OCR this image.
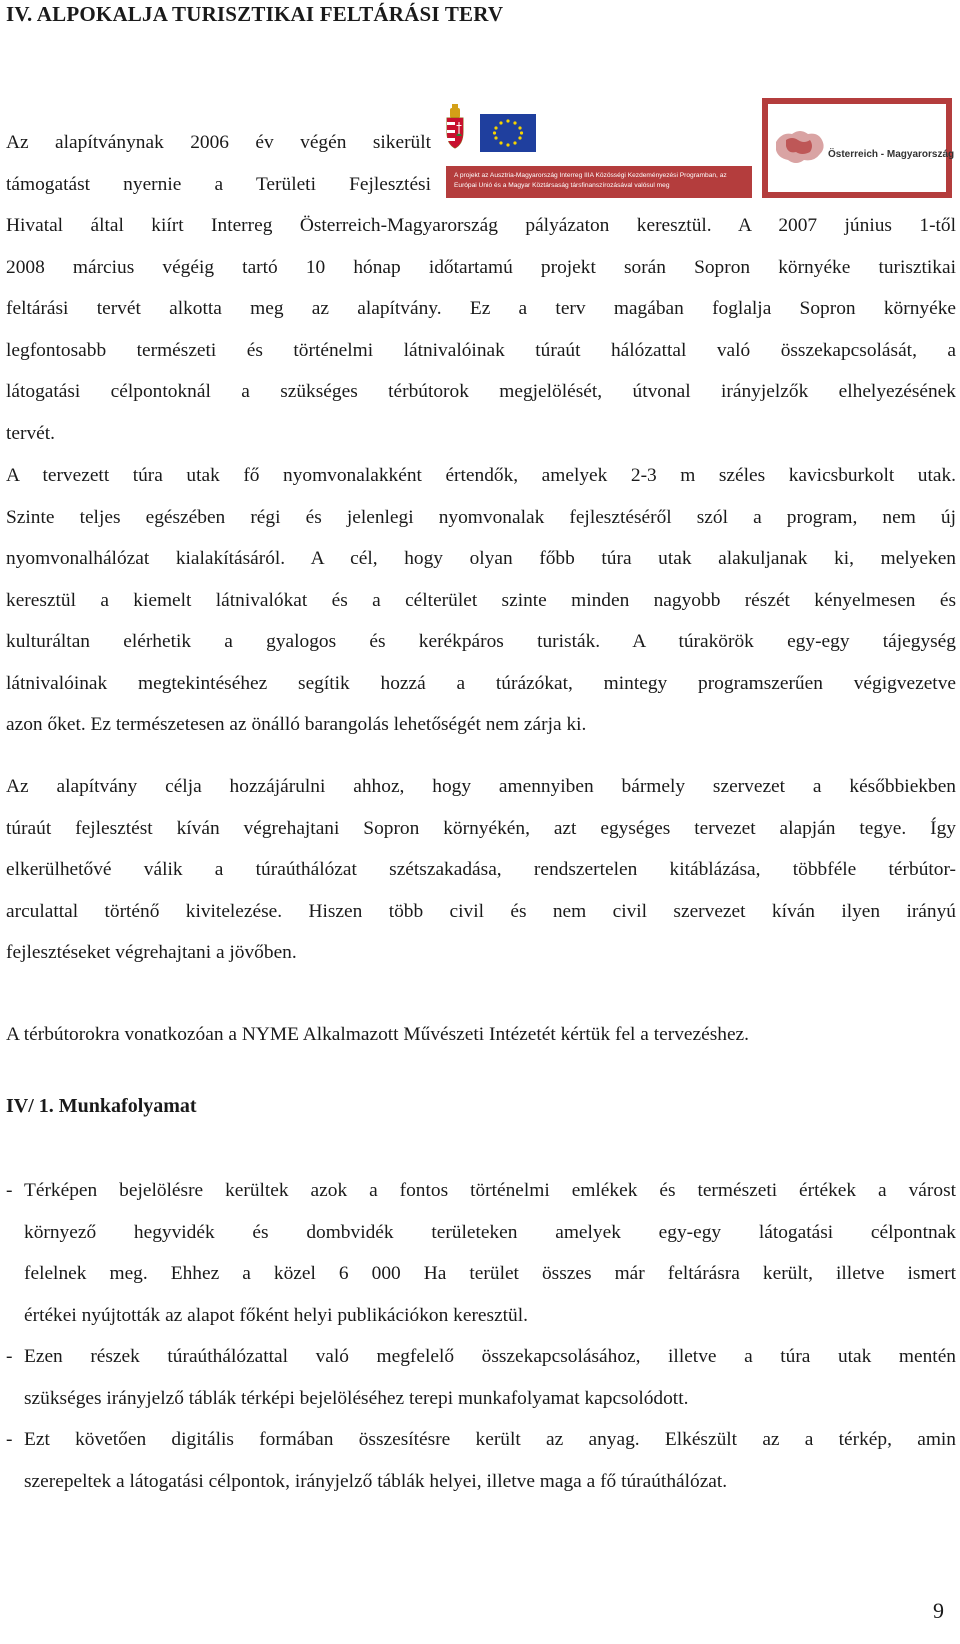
IV. ALPOKALJA TURISZTIKAI FELTÁRÁSI TERV
Az alapítványnak 2006 év végén sikerült
támogatást nyernie a Területi Fejlesztési	A projekt az Ausztria-Magyarország Interreg IIIA Közösségi Kezdeményezési Programban, az Európai Unió és a Magyar Köztársaság társfinanszírozásával valósul meg
Österreich - Magyarország
Hivatal által kiírt Interreg Österreich-Magyarország pályázaton keresztül. A 2007 június 1-től
2008 március végéig tartó 10 hónap időtartamú projekt során Sopron környéke turisztikai
feltárási tervét alkotta meg az alapítvány. Ez a terv magában foglalja Sopron környéke
legfontosabb természeti és történelmi látnivalóinak túraút hálózattal való összekapcsolását, a
látogatási célpontoknál a szükséges térbútorok megjelölését, útvonal irányjelzők elhelyezésének
tervét.
A tervezett túra utak fő nyomvonalakként értendők, amelyek 2-3 m széles kavicsburkolt utak.
Szinte teljes egészében régi és jelenlegi nyomvonalak fejlesztéséről szól a program, nem új
nyomvonalhálózat kialakításáról. A cél, hogy olyan főbb túra utak alakuljanak ki, melyeken
keresztül a kiemelt látnivalókat és a célterület szinte minden nagyobb részét kényelmesen és
kulturáltan elérhetik a gyalogos és kerékpáros turisták. A túrakörök egy-egy tájegység
látnivalóinak megtekintéséhez segítik hozzá a túrázókat, mintegy programszerűen végigvezetve
azon őket. Ez természetesen az önálló barangolás lehetőségét nem zárja ki.
Az alapítvány célja hozzájárulni ahhoz, hogy amennyiben bármely szervezet a későbbiekben
túraút fejlesztést kíván végrehajtani Sopron környékén, azt egységes tervezet alapján tegye. Így
elkerülhetővé válik a túraúthálózat szétszakadása, rendszertelen kitáblázása, többféle térbútor-
arculattal történő kivitelezése. Hiszen több civil és nem civil szervezet kíván ilyen irányú
fejlesztéseket végrehajtani a jövőben.
A térbútorokra vonatkozóan a NYME Alkalmazott Művészeti Intézetét kértük fel a tervezéshez.
IV/ 1. Munkafolyamat
- Térképen bejelölésre kerültek azok a fontos történelmi emlékek és természeti értékek a várost
környező hegyvidék és dombvidék területeken amelyek egy-egy látogatási célpontnak
felelnek meg. Ehhez a közel 6 000 Ha terület összes már feltárásra került, illetve ismert
értékei nyújtották az alapot főként helyi publikációkon keresztül.
- Ezen részek túraúthálózattal való megfelelő összekapcsolásához, illetve a túra utak mentén
szükséges irányjelző táblák térképi bejelöléséhez terepi munkafolyamat kapcsolódott.
- Ezt követően digitális formában összesítésre került az anyag. Elkészült az a térkép, amin
szerepeltek a látogatási célpontok, irányjelző táblák helyei, illetve maga a fő túraúthálózat.
9
